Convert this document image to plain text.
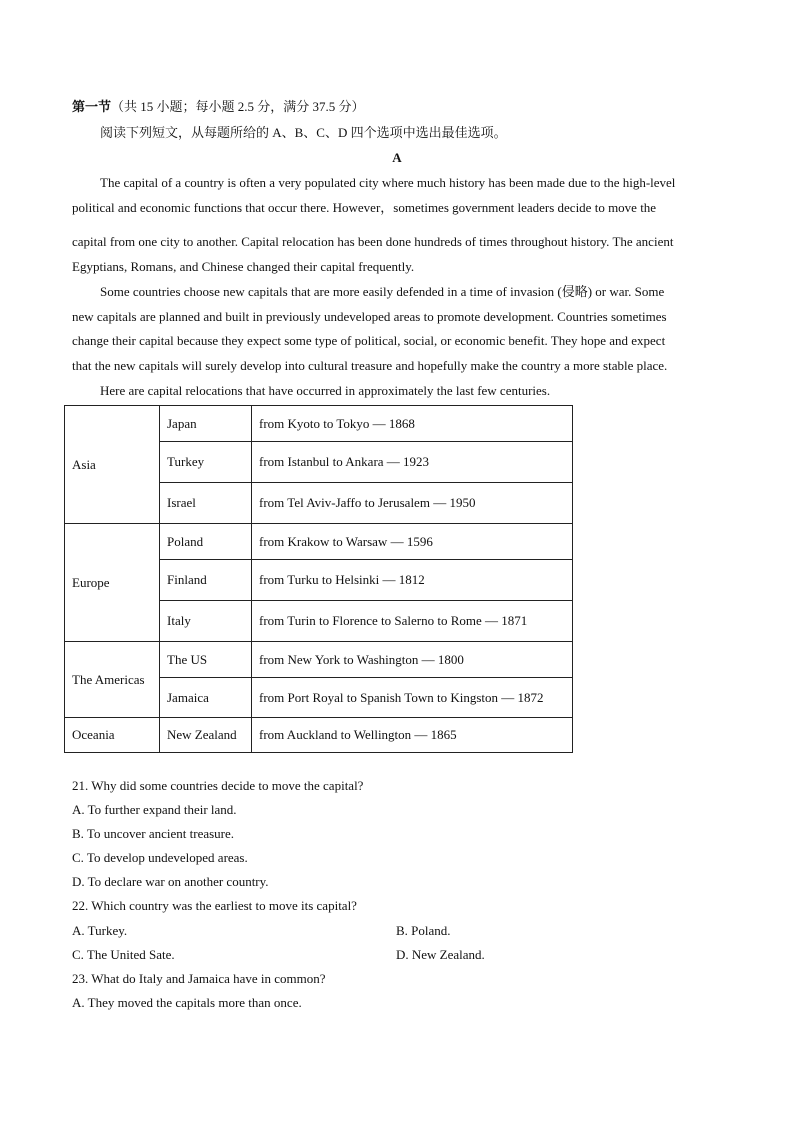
第一节（共 15 小题；每小题 2.5 分，满分 37.5 分）
阅读下列短文，从每题所给的 A、B、C、D 四个选项中选出最佳选项。
A

The capital of a country is often a very populated city where much history has been made due to the high-level
political and economic functions that occur there. However，sometimes government leaders decide to move the
capital from one city to another. Capital relocation has been done hundreds of times throughout history. The ancient
Egyptians, Romans, and Chinese changed their capital frequently.

Some countries choose new capitals that are more easily defended in a time of invasion (侵略) or war. Some
new capitals are planned and built in previously undeveloped areas to promote development. Countries sometimes
change their capital because they expect some type of political, social, or economic benefit. They hope and expect
that the new capitals will surely develop into cultural treasure and hopefully make the country a more stable place.

Here are capital relocations that have occurred in approximately the last few centuries.

Asia	Japan	from Kyoto to Tokyo — 1868
	Turkey	from Istanbul to Ankara — 1923
	Israel	from Tel Aviv-Jaffo to Jerusalem — 1950
Europe	Poland	from Krakow to Warsaw — 1596
	Finland	from Turku to Helsinki — 1812
	Italy	from Turin to Florence to Salerno to Rome — 1871
The Americas	The US	from New York to Washington — 1800
	Jamaica	from Port Royal to Spanish Town to Kingston — 1872
Oceania	New Zealand	from Auckland to Wellington — 1865
21. Why did some countries decide to move the capital?
A. To further expand their land.
B. To uncover ancient treasure.
C. To develop undeveloped areas.
D. To declare war on another country.
22. Which country was the earliest to move its capital?
A. Turkey.	B. Poland.
C. The United Sate.	D. New Zealand.
23. What do Italy and Jamaica have in common?
A. They moved the capitals more than once.
